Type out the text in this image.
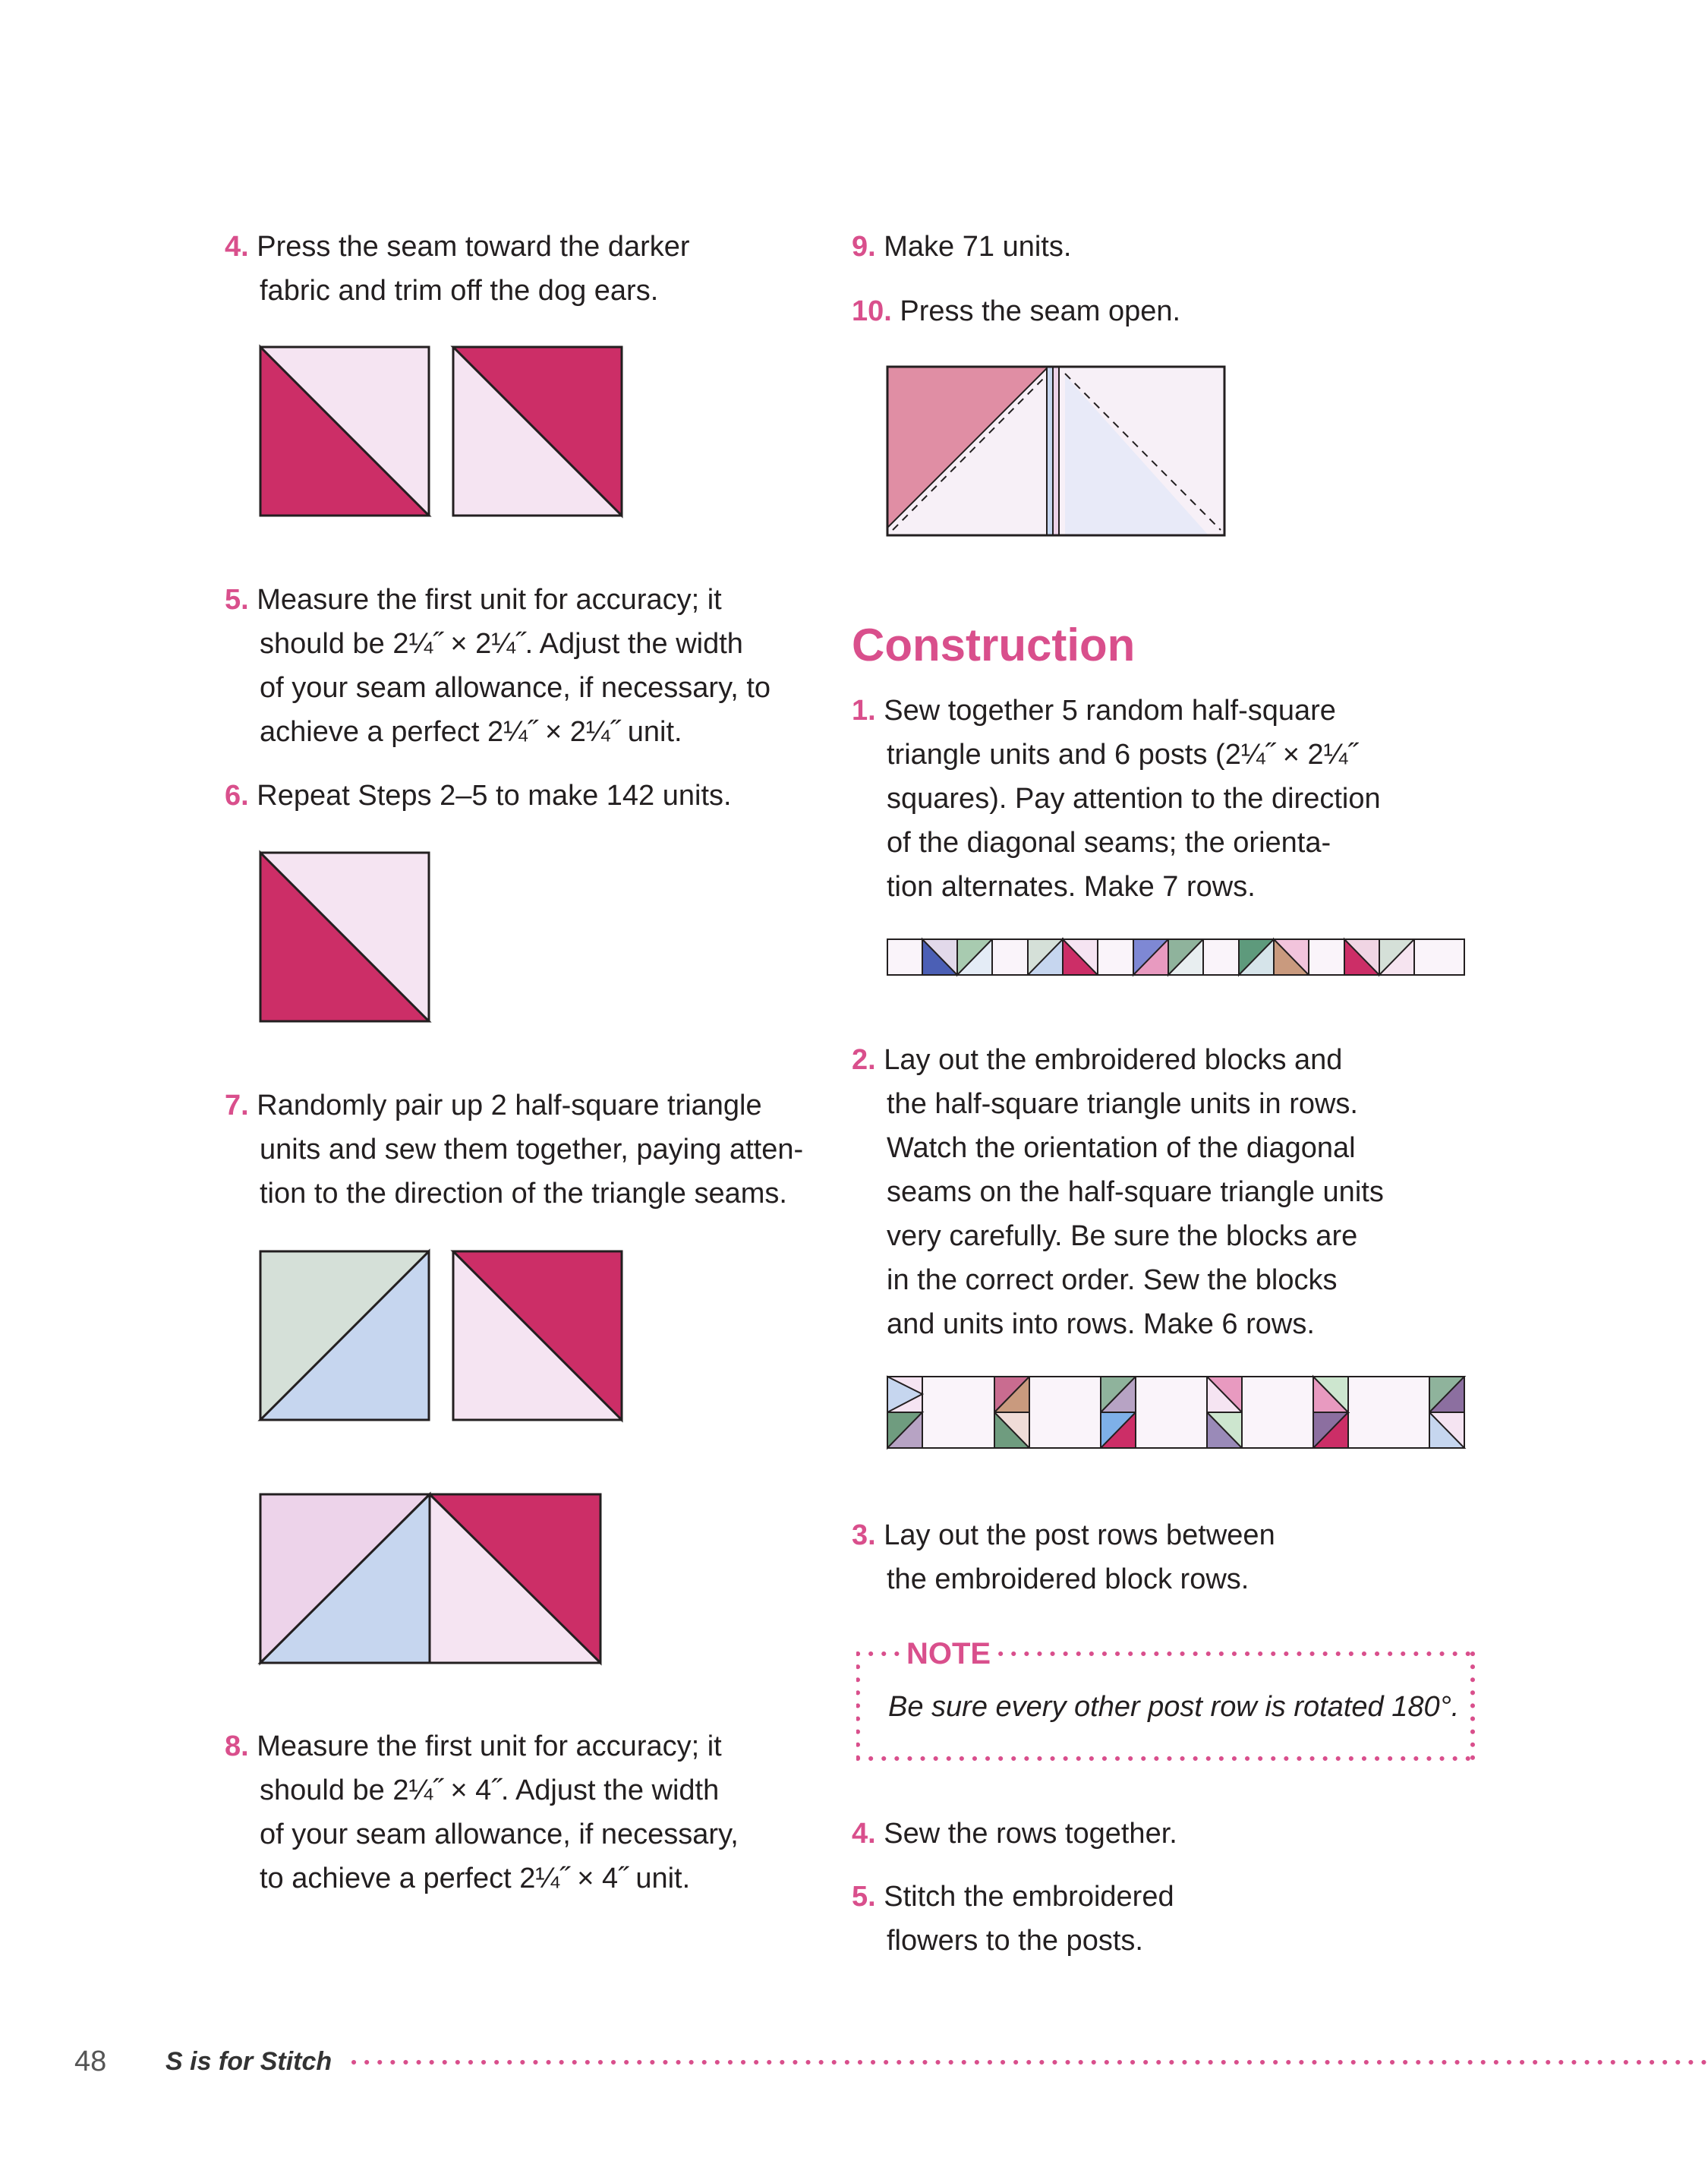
4. Press the seam toward the darker
fabric and trim off the dog ears.
5. Measure the first unit for accuracy; it
should be 2¼˝ × 2¼˝. Adjust the width
of your seam allowance, if necessary, to
achieve a perfect 2¼˝ × 2¼˝ unit.
6. Repeat Steps 2–5 to make 142 units.
7. Randomly pair up 2 half-square triangle
units and sew them together, paying atten-
tion to the direction of the triangle seams.
8. Measure the first unit for accuracy; it
should be 2¼˝ × 4˝. Adjust the width
of your seam allowance, if necessary,
to achieve a perfect 2¼˝ × 4˝ unit.
9. Make 71 units.
10. Press the seam open.
Construction
1. Sew together 5 random half-square
triangle units and 6 posts (2¼˝ × 2¼˝
squares). Pay attention to the direction
of the diagonal seams; the orienta-
tion alternates. Make 7 rows.
2. Lay out the embroidered blocks and
the half-square triangle units in rows.
Watch the orientation of the diagonal
seams on the half-square triangle units
very carefully. Be sure the blocks are
in the correct order. Sew the blocks
and units into rows. Make 6 rows.
3. Lay out the post rows between
the embroidered block rows.
NOTE
Be sure every other post row is rotated 180°.
4. Sew the rows together.
5. Stitch the embroidered
flowers to the posts.
48 S is for Stitch
